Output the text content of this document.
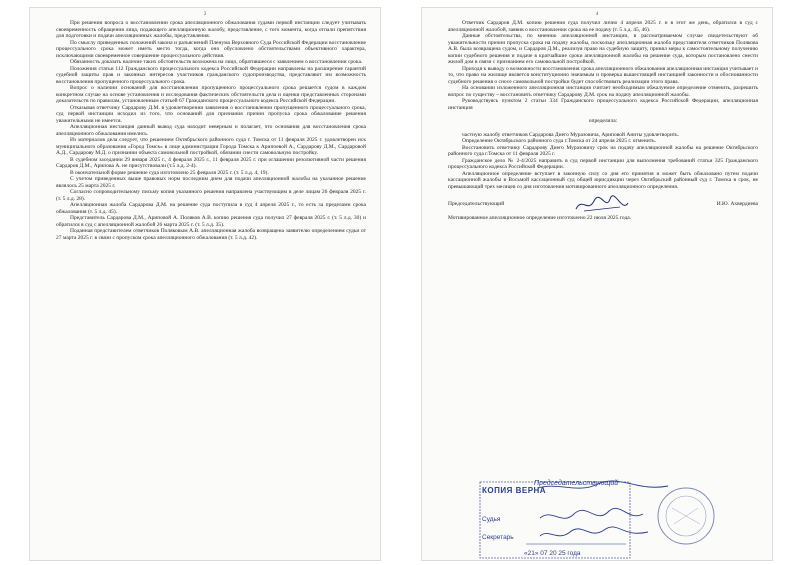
3

При решении вопроса о восстановлении срока апелляционного обжалования судами первой инстанции следует учитывать своевременность обращения лица, подающего апелляционную жалобу, представление, с того момента, когда отпали препятствия для подготовки и подачи апелляционных жалобы, представления.

По смыслу приведенных положений закона и разъяснений Пленума Верховного Суда Российской Федерации восстановление процессуального срока может иметь место тогда, когда оно обусловлено обстоятельствами объективного характера, исключающими своевременное совершение процессуального действия.

Обязанность доказать наличие таких обстоятельств возложена на лицо, обратившееся с заявлением о восстановлении срока.

Положения статьи 112 Гражданского процессуального кодекса Российской Федерации направлены на расширение гарантий судебной защиты прав и законных интересов участников гражданского судопроизводства, представляют им возможность восстановления пропущенного процессуального срока.

Вопрос о наличии оснований для восстановления пропущенного процессуального срока решается судом в каждом конкретном случае на основе установления и исследования фактических обстоятельств дела и оценки представленных сторонами доказательств по правилам, установленным статьей 67 Гражданского процессуального кодекса Российской Федерации.

Отказывая ответчику Сардарову Д.М. в удовлетворении заявления о восстановлении пропущенного процессуального срока, суд первой инстанции исходил из того, что оснований для признания причин пропуска срока обжалование решения уважительными не имеется.

Апелляционная инстанция данный вывод суда находит неверным и полагает, что основания для восстановления срока апелляционного обжалования имелись.

Из материалов дела следует, что решением Октябрьского районного суда г. Томска от 11 февраля 2025 г. удовлетворен иск муниципального образования «Город Томск» в лице администрации Города Томска к Арипоевой А., Сардарову Д.М., Сардаровой А.Д., Сардарову М.Д. о признании объекта самовольной постройкой, обязании снести самовольную постройку.

В судебном заседании 29 января 2025 г., 4 февраля 2025 г., 11 февраля 2025 г. при оглашении резолютивной части решения Сардаров Д.М., Арипова А. не присутствовали (т.5 л.д. 2-4).

В окончательной форме решение суда изготовлено 25 февраля 2025 г. (т. 5 л.д. 4, 19).

С учетом приведенных выше правовых норм последним днем для подачи апелляционной жалобы на указанное решение являлось 25 марта 2025 г.

Согласно сопроводительному письму копия указанного решения направлена участвующим в деле лицам 26 февраля 2025 г. (т. 5 л.д. 28).

Апелляционная жалоба Сардарова Д.М. на решение суда поступила в суд 4 апреля 2025 г., то есть за пределами срока обжалования (т. 5 л.д. 45).

Представитель Сардарова Д.М., Ариповой А. Поляков А.В. копию решения суда получил 27 февраля 2025 г. (т. 5 л.д. 30) и обратился в суд с апелляционной жалобой 26 марта 2025 г. (т. 5 л.д. 35).

Поданная представителем ответчиков Поляковым А.В. апелляционная жалоба возвращена заявителю определением судьи от 27 марта 2025 г. в связи с пропуском срока апелляционного обжалования (т. 5 л.д. 42).

4

Ответчик Сардаров Д.М. копию решения суда получил лично 4 апреля 2025 г. и в этот же день, обратился в суд с апелляционной жалобой, заявив о восстановлении срока на ее подачу (т. 5 л.д. 45, 46).

Данные обстоятельства, по мнению апелляционной инстанции, в рассматриваемом случае свидетельствуют об уважительности причин пропуска срока на подачу жалобы, поскольку апелляционная жалоба представителя ответчиков Полякова А.В. была возвращена судом, и Сардаров Д.М., реализуя право на судебную защиту, принял меры к самостоятельному получению копии судебного решения и подаче в кратчайшие сроки апелляционной жалобы на решение суда, которым постановлено снести жилой дом в связи с признанием его самовольной постройкой.

Приходя к выводу о возможности восстановления срока апелляционного обжалования апелляционная инстанция учитывает и то, что право на жилище является конституционно значимым и проверка вышестоящей инстанцией законности и обоснованности судебного решения о сносе самовольной постройки будет способствовать реализации этого права.

На основании изложенного апелляционная инстанция считает необходимым обжалуемое определение отменить, разрешить вопрос по существу – восстановить ответчику Сардарову Д.М. срок на подачу апелляционной жалобы.

Руководствуясь пунктом 2 статьи 334 Гражданского процессуального кодекса Российской Федерации, апелляционная инстанция

определила:

частную жалобу ответчиков Сардарова Диего Муразовича, Ариповой Аниты удовлетворить.

Определение Октябрьского районного суда г.Томска от 24 апреля 2025 г. отменить.

Восстановить ответчику Сардарову Диего Муразовичу срок на подачу апелляционной жалобы на решение Октябрьского районного суда г.Томска от 11 февраля 2025 г.

Гражданское дело № 2-4/2025 направить в суд первой инстанции для выполнения требований статьи 325 Гражданского процессуального кодекса Российской Федерации.

Апелляционное определение вступает в законную силу со дня его принятия и может быть обжаловано путем подачи кассационной жалобы в Восьмой кассационный суд общей юрисдикции через Октябрьский районный суд г. Томска в срок, не превышающий трех месяцев со дня изготовления мотивированного апелляционного определения.

Председательствующий	И.Ю. Ахвердиева

Мотивированное апелляционное определение изготовлено 22 июля 2025 года.

Председательствующий
КОПИЯ ВЕРНА
Судья
Секретарь
«21» 07 20 25 года
